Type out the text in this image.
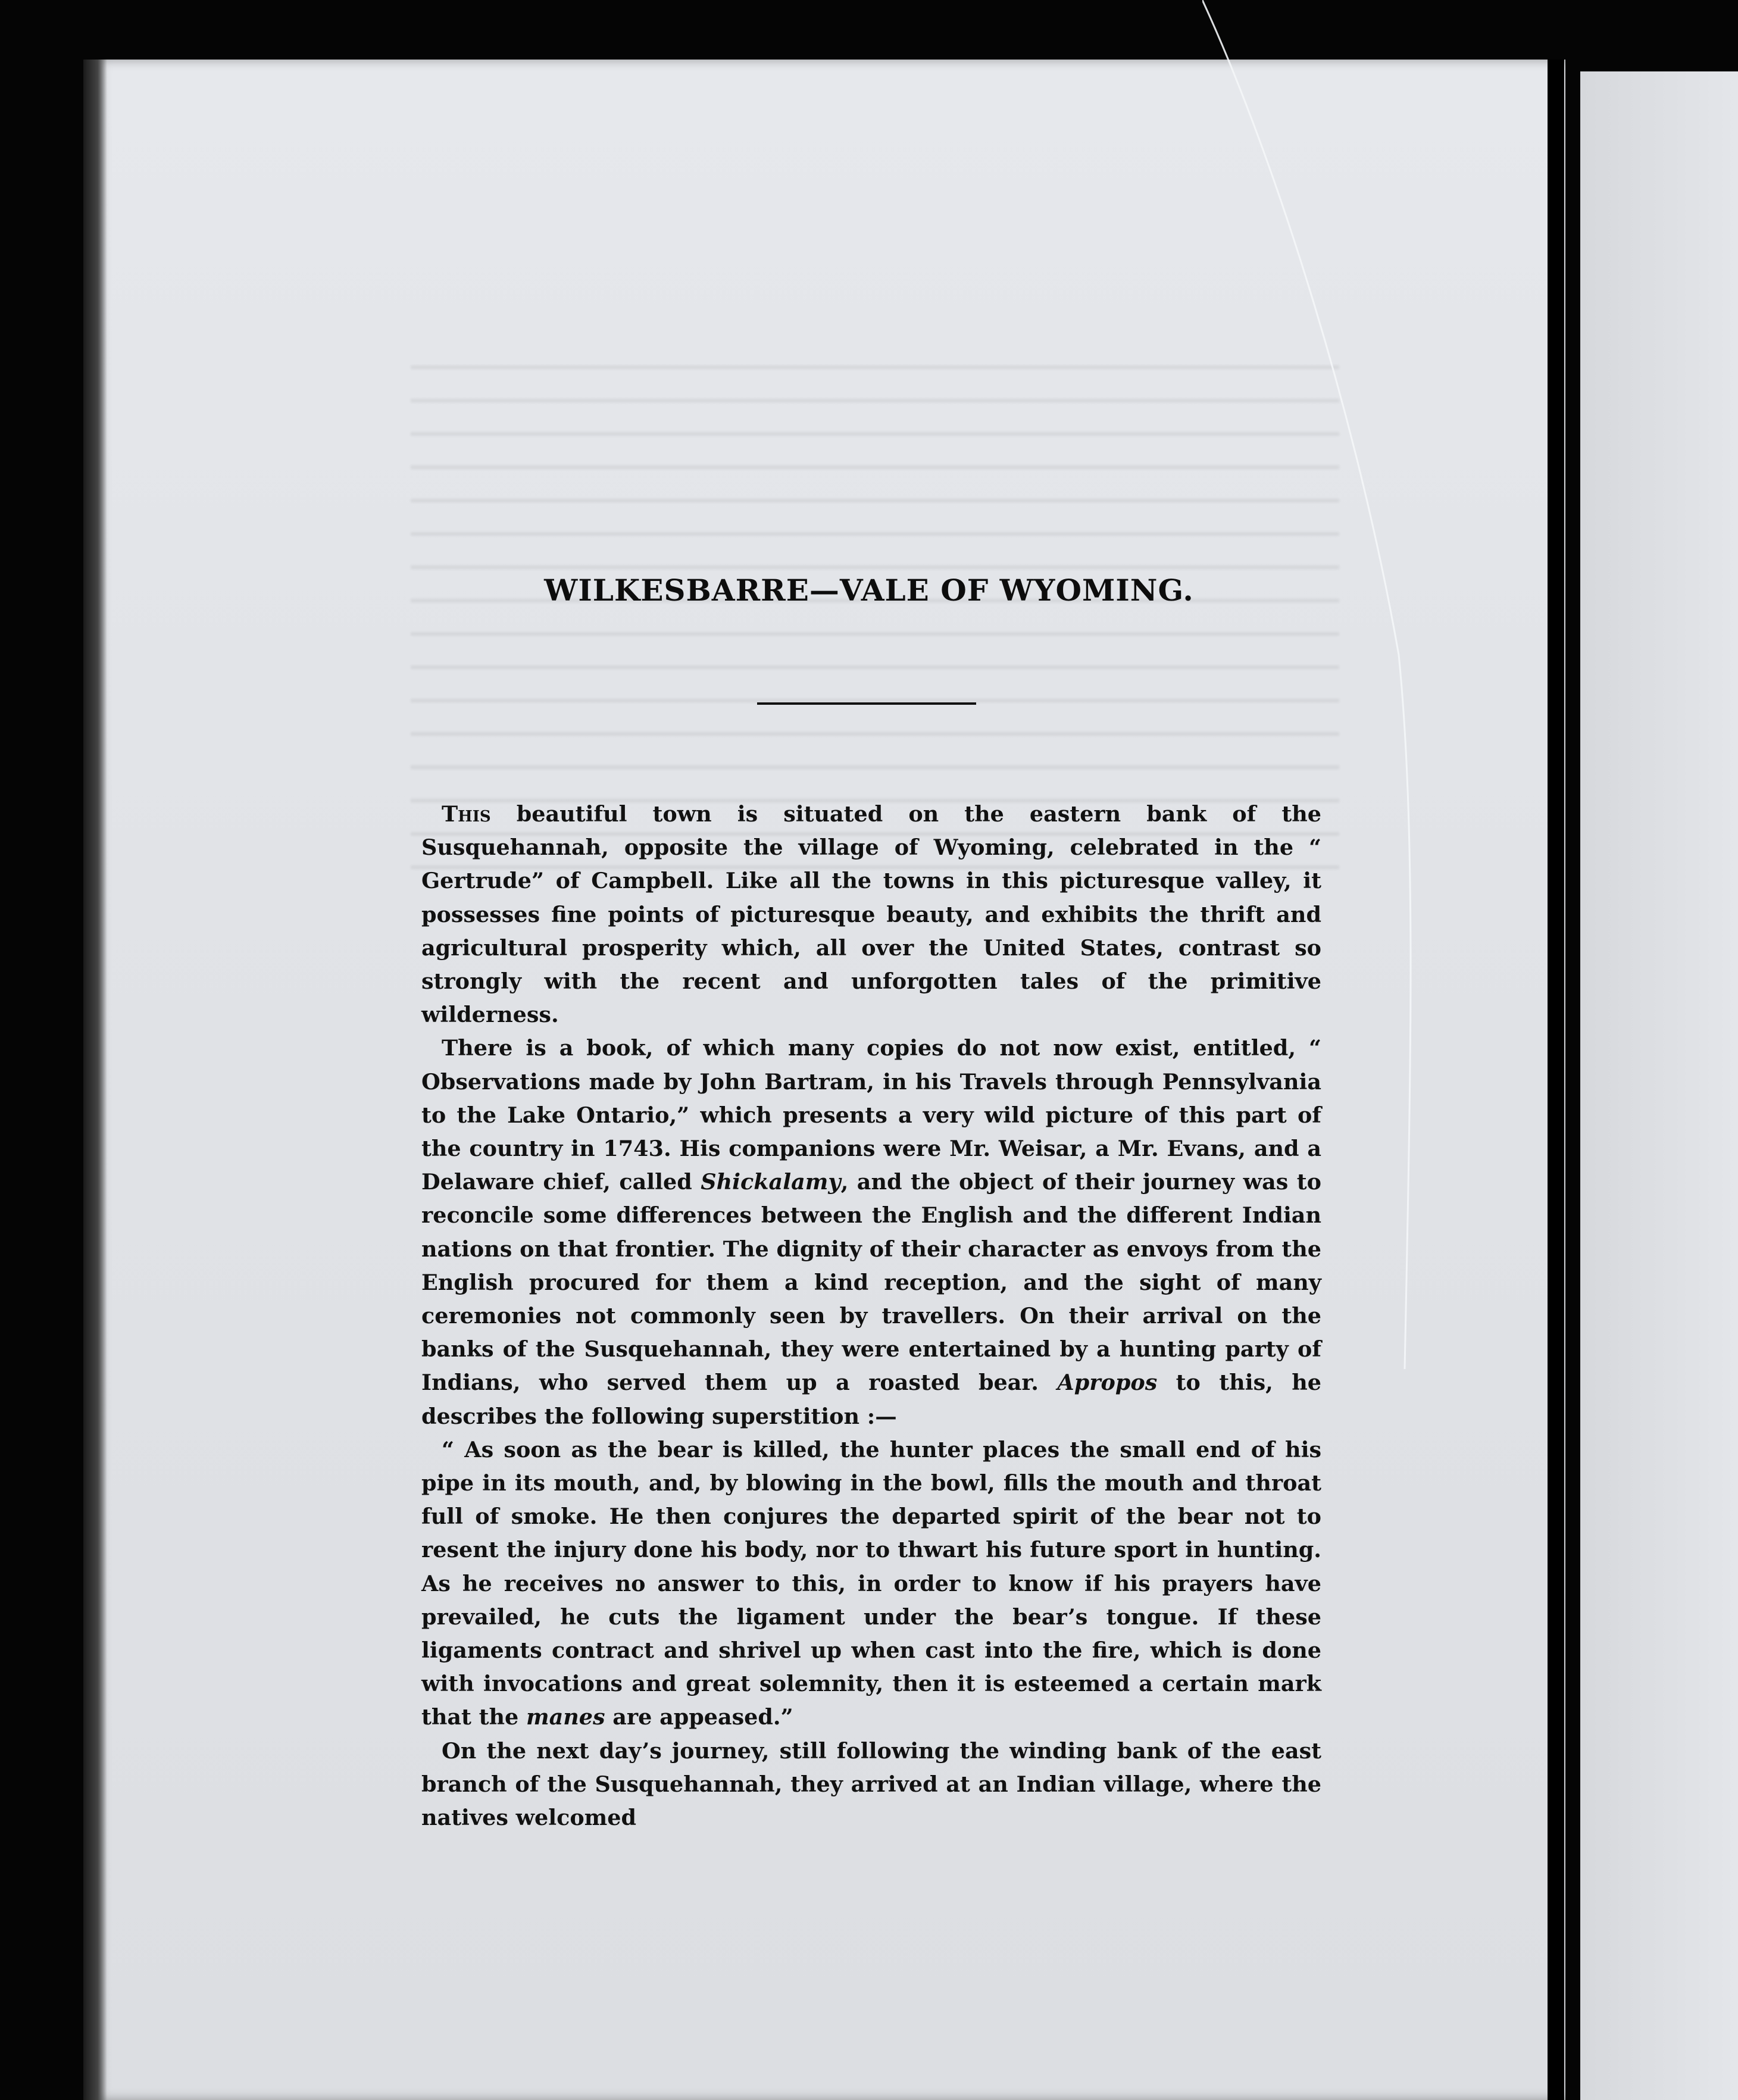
WILKESBARRE—VALE OF WYOMING.

This beautiful town is situated on the eastern bank of the Susquehannah, opposite the village of Wyoming, celebrated in the “ Gertrude” of Campbell. Like all the towns in this picturesque valley, it possesses fine points of picturesque beauty, and exhibits the thrift and agricultural prosperity which, all over the United States, contrast so strongly with the recent and unforgotten tales of the primitive wilderness.

There is a book, of which many copies do not now exist, entitled, “ Observations made by John Bartram, in his Travels through Pennsylvania to the Lake Ontario,” which presents a very wild picture of this part of the country in 1743. His companions were Mr. Weisar, a Mr. Evans, and a Delaware chief, called Shickalamy, and the object of their journey was to reconcile some differences between the English and the different Indian nations on that frontier. The dignity of their character as envoys from the English procured for them a kind reception, and the sight of many ceremonies not commonly seen by travellers. On their arrival on the banks of the Susquehannah, they were entertained by a hunting party of Indians, who served them up a roasted bear. Apropos to this, he describes the following superstition :—

“ As soon as the bear is killed, the hunter places the small end of his pipe in its mouth, and, by blowing in the bowl, fills the mouth and throat full of smoke. He then conjures the departed spirit of the bear not to resent the injury done his body, nor to thwart his future sport in hunting. As he receives no answer to this, in order to know if his prayers have prevailed, he cuts the ligament under the bear’s tongue. If these ligaments contract and shrivel up when cast into the fire, which is done with invocations and great solemnity, then it is esteemed a certain mark that the manes are appeased.”

On the next day’s journey, still following the winding bank of the east branch of the Susquehannah, they arrived at an Indian village, where the natives welcomed
